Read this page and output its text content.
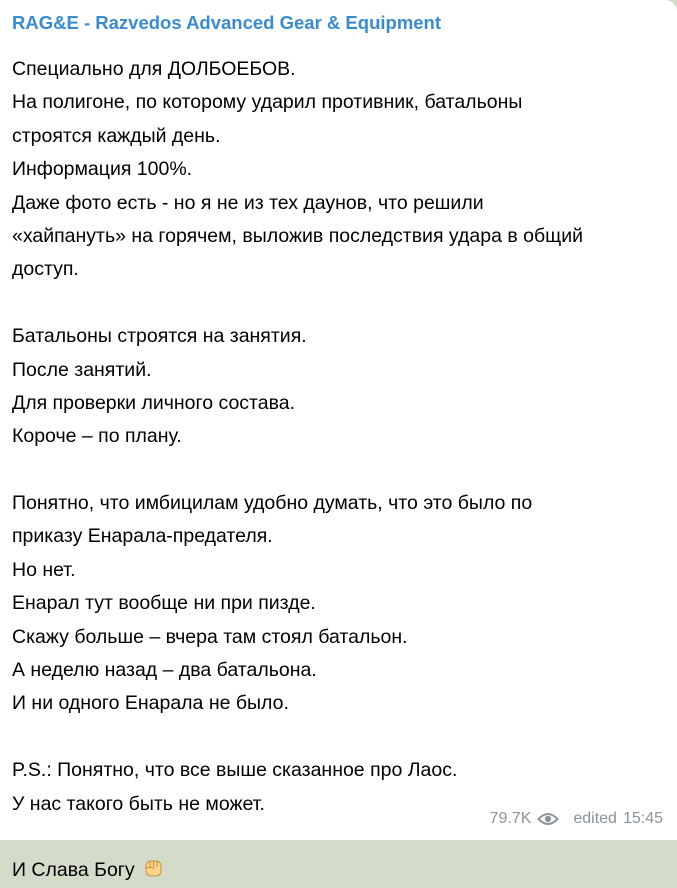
RAG&E - Razvedos Advanced Gear & Equipment
Специально для ДОЛБОЕБОВ.
На полигоне, по которому ударил противник, батальоны
строятся каждый день.
Информация 100%.
Даже фото есть - но я не из тех даунов, что решили
«хайпануть» на горячем, выложив последствия удара в общий
доступ.
Батальоны строятся на занятия.
После занятий.
Для проверки личного состава.
Короче – по плану.
Понятно, что имбицилам удобно думать, что это было по
приказу Енарала-предателя.
Но нет.
Енарал тут вообще ни при пизде.
Скажу больше – вчера там стоял батальон.
А неделю назад – два батальона.
И ни одного Енарала не было.
P.S.: Понятно, что все выше сказанное про Лаос.
У нас такого быть не может.
И Слава Богу
79.7K	edited 15:45
